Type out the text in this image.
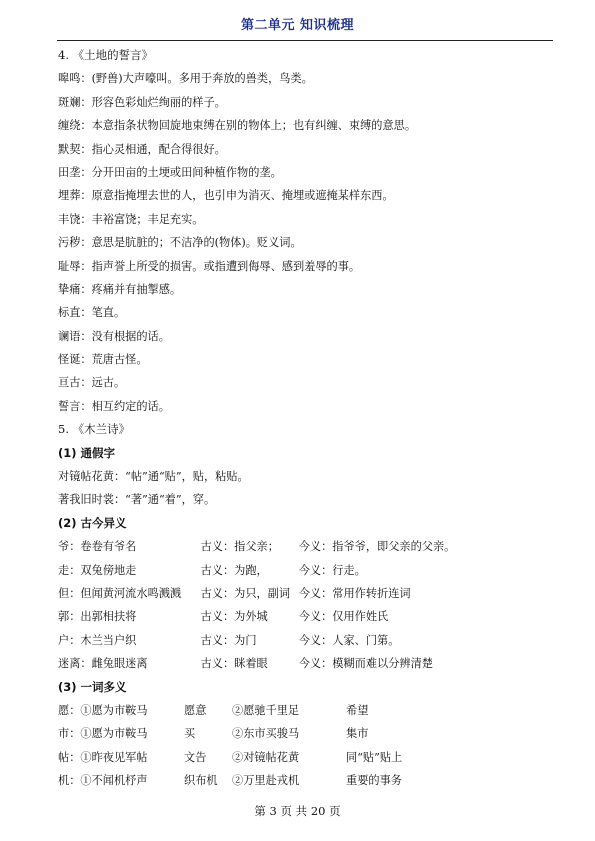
第二单元 知识梳理
4. 《土地的誓言》
嗥鸣：(野兽)大声嚎叫。多用于奔放的兽类，鸟类。
斑斓：形容色彩灿烂绚丽的样子。
缠绕：本意指条状物回旋地束缚在别的物体上；也有纠缠、束缚的意思。
默契：指心灵相通，配合得很好。
田垄：分开田亩的土埂或田间种植作物的垄。
埋葬：原意指掩埋去世的人，也引申为消灭、掩埋或遮掩某样东西。
丰饶：丰裕富饶；丰足充实。
污秽：意思是肮脏的；不洁净的(物体)。贬义词。
耻辱：指声誉上所受的损害。或指遭到侮辱、感到羞辱的事。
挚痛：疼痛并有抽掣感。
标直：笔直。
谰语：没有根据的话。
怪诞：荒唐古怪。
亘古：远古。
誓言：相互约定的话。
5. 《木兰诗》
(1) 通假字
对镜帖花黄：“帖”通“贴”，贴，粘贴。
著我旧时裳：“著”通“着”，穿。
(2) 古今异义
爷：卷卷有爷名	古义：指父亲；	今义：指爷爷，即父亲的父亲。
走：双兔傍地走	古义：为跑，	今义：行走。
但：但闻黄河流水鸣溅溅	古义：为只，副词 今义：常用作转折连词
郭：出郭相扶将	古义：为外城	今义：仅用作姓氏
户：木兰当户织	古义：为门	今义：人家、门第。
迷离：雌兔眼迷离	古义：眯着眼	今义：模糊而难以分辨清楚
(3) 一词多义
愿：①愿为市鞍马	愿意	②愿驰千里足	希望
市：①愿为市鞍马	买	②东市买骏马	集市
帖：①昨夜见军帖	文告	②对镜帖花黄	同“贴”贴上
机：①不闻机杼声	织布机	②万里赴戎机	重要的事务
第 3 页 共 20 页
